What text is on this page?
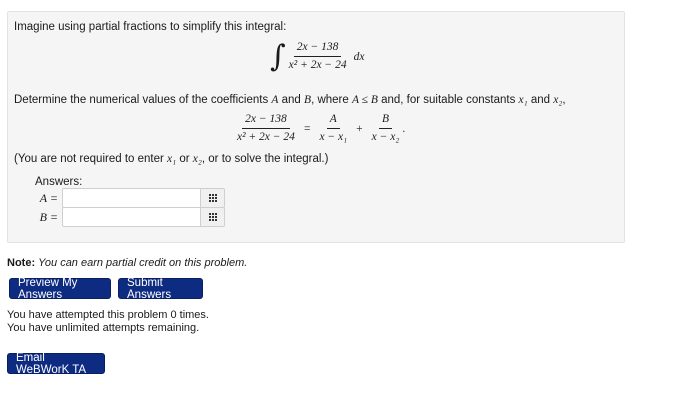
Imagine using partial fractions to simplify this integral:
∫ $\frac{2x - 138}{\text{x² + 2x − 24}}$ dx
Determine the numerical values of the coefficients A and B, where A ≤ B and, for suitable constants x₁ and x₂,
$\frac{2x - 138}{\text{x² + 2x − 24}} = \frac{A}{\text{x − x₁}} + \frac{B}{\text{x − x₂}}$ .
(You are not required to enter x₁ or x₂, or to solve the integral.)
Answers:
A =
B =
Note: You can earn partial credit on this problem.
Preview My Answers
Submit Answers
You have attempted this problem 0 times.
You have unlimited attempts remaining.
Email WeBWorK TA
